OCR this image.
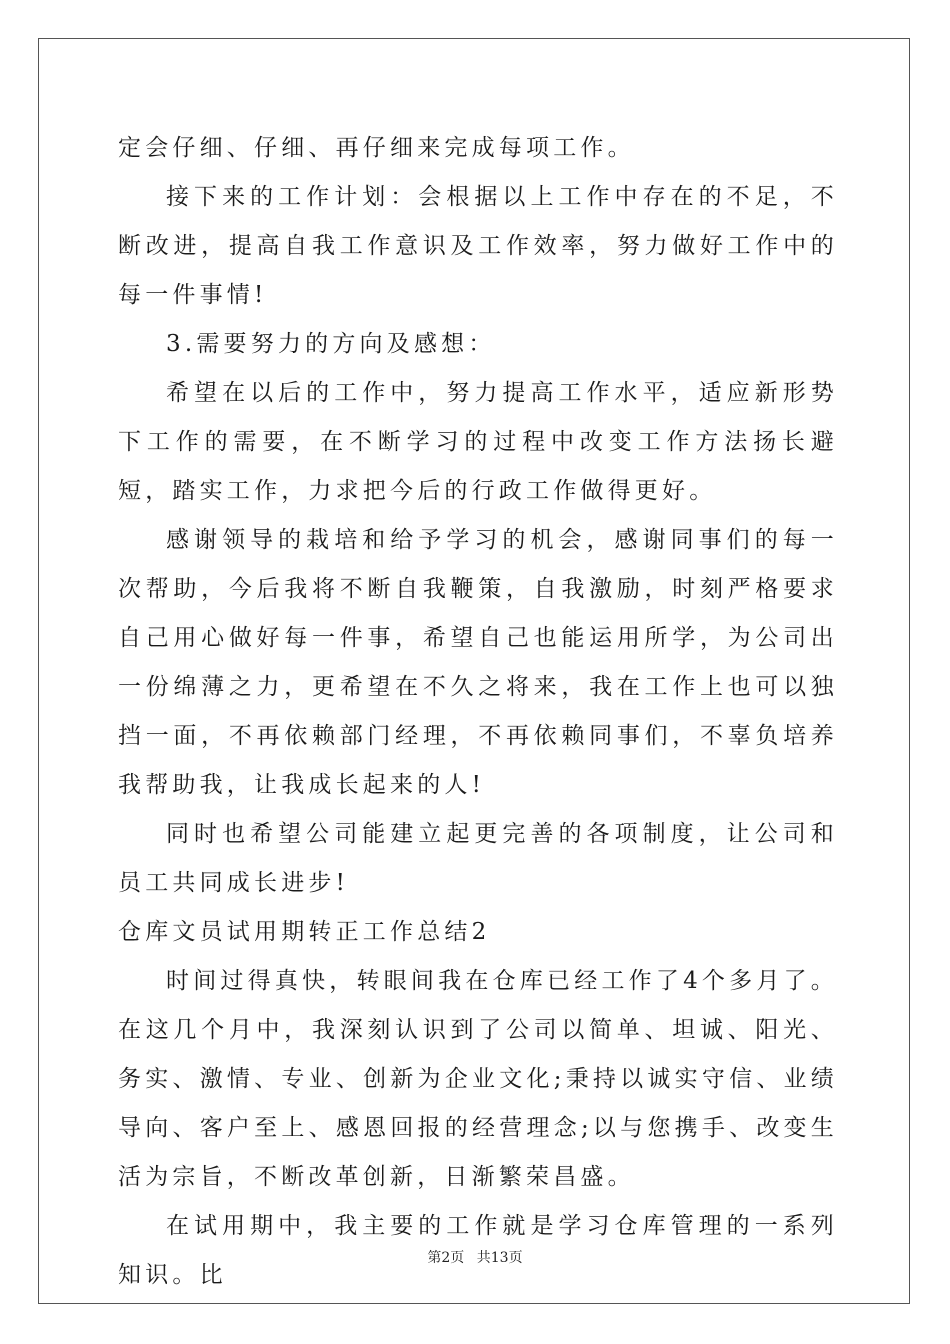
定会仔细、仔细、再仔细来完成每项工作。

接下来的工作计划：会根据以上工作中存在的不足，不断改进，提高自我工作意识及工作效率，努力做好工作中的每一件事情!

3.需要努力的方向及感想：

希望在以后的工作中，努力提高工作水平，适应新形势下工作的需要，在不断学习的过程中改变工作方法扬长避短，踏实工作，力求把今后的行政工作做得更好。

感谢领导的栽培和给予学习的机会，感谢同事们的每一次帮助，今后我将不断自我鞭策，自我激励，时刻严格要求自己用心做好每一件事，希望自己也能运用所学，为公司出一份绵薄之力，更希望在不久之将来，我在工作上也可以独挡一面，不再依赖部门经理，不再依赖同事们，不辜负培养我帮助我，让我成长起来的人!

同时也希望公司能建立起更完善的各项制度，让公司和员工共同成长进步!

仓库文员试用期转正工作总结2

时间过得真快，转眼间我在仓库已经工作了4个多月了。在这几个月中，我深刻认识到了公司以简单、坦诚、阳光、务实、激情、专业、创新为企业文化;秉持以诚实守信、业绩导向、客户至上、感恩回报的经营理念;以与您携手、改变生活为宗旨，不断改革创新，日渐繁荣昌盛。

在试用期中，我主要的工作就是学习仓库管理的一系列知识。比

第2页 共13页
